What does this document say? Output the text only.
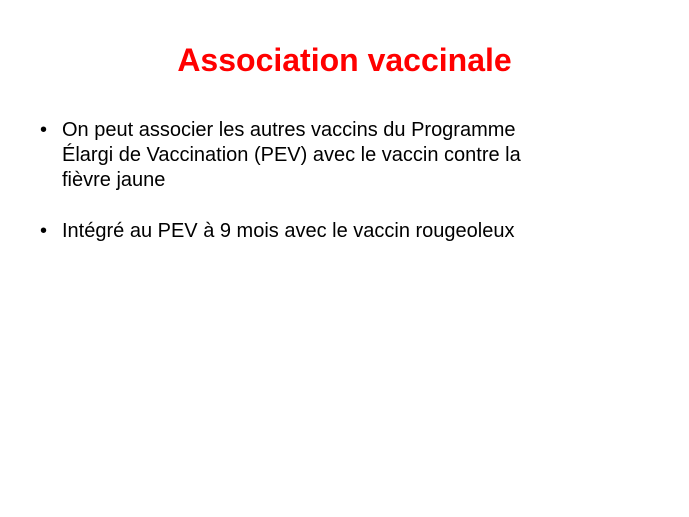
Association vaccinale
• On peut associer les autres vaccins du Programme
Élargi de Vaccination (PEV) avec le vaccin contre la
fièvre jaune
• Intégré au PEV à 9 mois avec le vaccin rougeoleux
